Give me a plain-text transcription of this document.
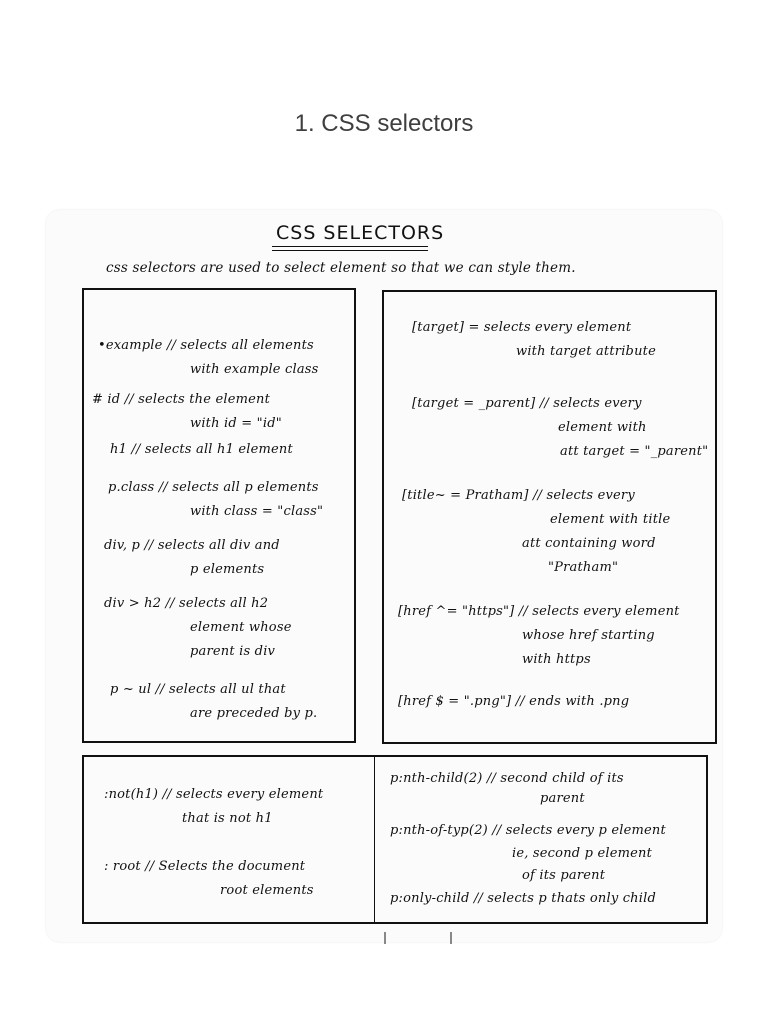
1. CSS selectors
CSS SELECTORS
css selectors are used to select element so that we can style them.
•example // selects all elements
with example class
# id // selects the element
with id = "id"
h1 // selects all h1 element
p.class // selects all p elements
with class = "class"
div, p // selects all div and
p elements
div > h2 // selects all h2
element whose
parent is div
p ~ ul // selects all ul that
are preceded by p.
[target] = selects every element
with target attribute
[target = _parent] // selects every
element with
att target = "_parent"
[title~ = Pratham] // selects every
element with title
att containing word
"Pratham"
[href ^= "https"] // selects every element
whose href starting
with https
[href $ = ".png"] // ends with .png
:not(h1) // selects every element
that is not h1
: root // Selects the document
root elements
p:nth-child(2) // second child of its
parent
p:nth-of-typ(2) // selects every p element
ie, second p element
of its parent
p:only-child // selects p thats only child
